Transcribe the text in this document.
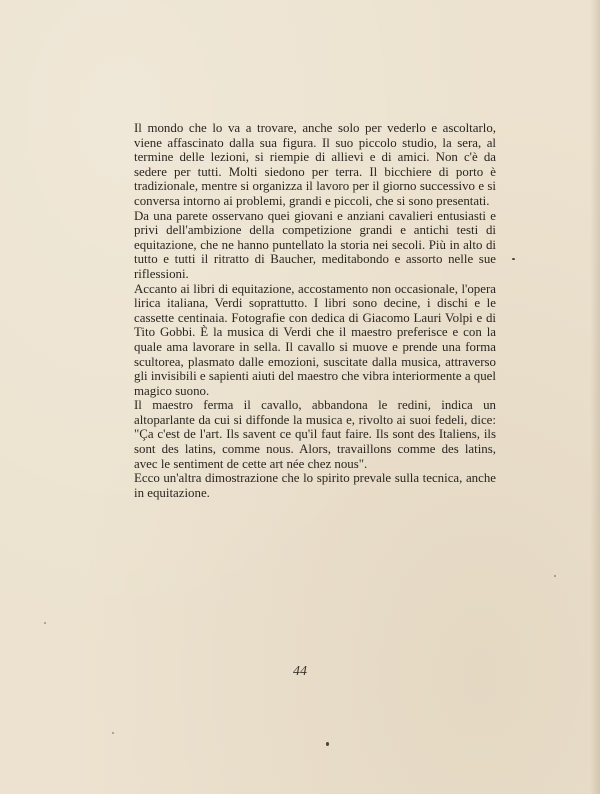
Il mondo che lo va a trovare, anche solo per vederlo e ascoltarlo, viene affascinato dalla sua figura. Il suo piccolo studio, la sera, al termine delle lezioni, si riempie di allievi e di amici. Non c'è da sedere per tutti. Molti siedono per terra. Il bicchiere di porto è tradizionale, mentre si organizza il lavoro per il giorno successivo e si conversa intorno ai problemi, grandi e piccoli, che si sono presentati.

Da una parete osservano quei giovani e anziani cavalieri entusiasti e privi dell'ambizione della competizione grandi e antichi testi di equitazione, che ne hanno puntellato la storia nei secoli. Più in alto di tutto e tutti il ritratto di Baucher, meditabondo e assorto nelle sue riflessioni.

Accanto ai libri di equitazione, accostamento non occasionale, l'opera lirica italiana, Verdi soprattutto. I libri sono decine, i dischi e le cassette centinaia. Fotografie con dedica di Giacomo Lauri Volpi e di Tito Gobbi. È la musica di Verdi che il maestro preferisce e con la quale ama lavorare in sella. Il cavallo si muove e prende una forma scultorea, plasmato dalle emozioni, suscitate dalla musica, attraverso gli invisibili e sapienti aiuti del maestro che vibra interiormente a quel magico suono.

Il maestro ferma il cavallo, abbandona le redini, indica un altoparlante da cui si diffonde la musica e, rivolto ai suoi fedeli, dice: "Ça c'est de l'art. Ils savent ce qu'il faut faire. Ils sont des Italiens, ils sont des latins, comme nous. Alors, travaillons comme des latins, avec le sentiment de cette art née chez nous".

Ecco un'altra dimostrazione che lo spirito prevale sulla tecnica, anche in equitazione.

44
